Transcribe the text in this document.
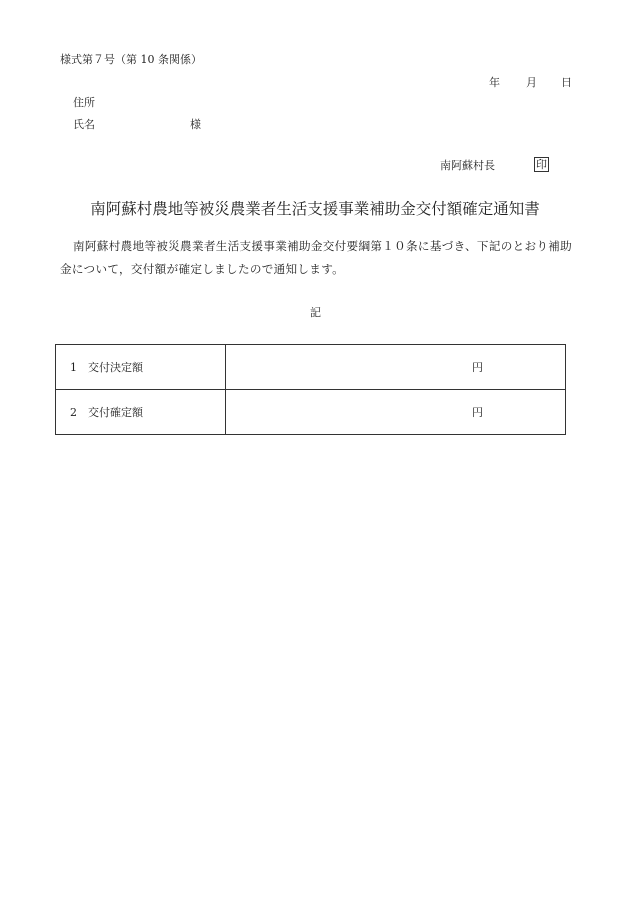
様式第７号（第 10 条関係）
年 月 日
住所
氏名	様
南阿蘇村長	印
南阿蘇村農地等被災農業者生活支援事業補助金交付額確定通知書
南阿蘇村農地等被災農業者生活支援事業補助金交付要綱第１０条に基づき、下記のとおり補助
金について，交付額が確定しましたので通知します。
記
1　交付決定額	円
2　交付確定額	円
